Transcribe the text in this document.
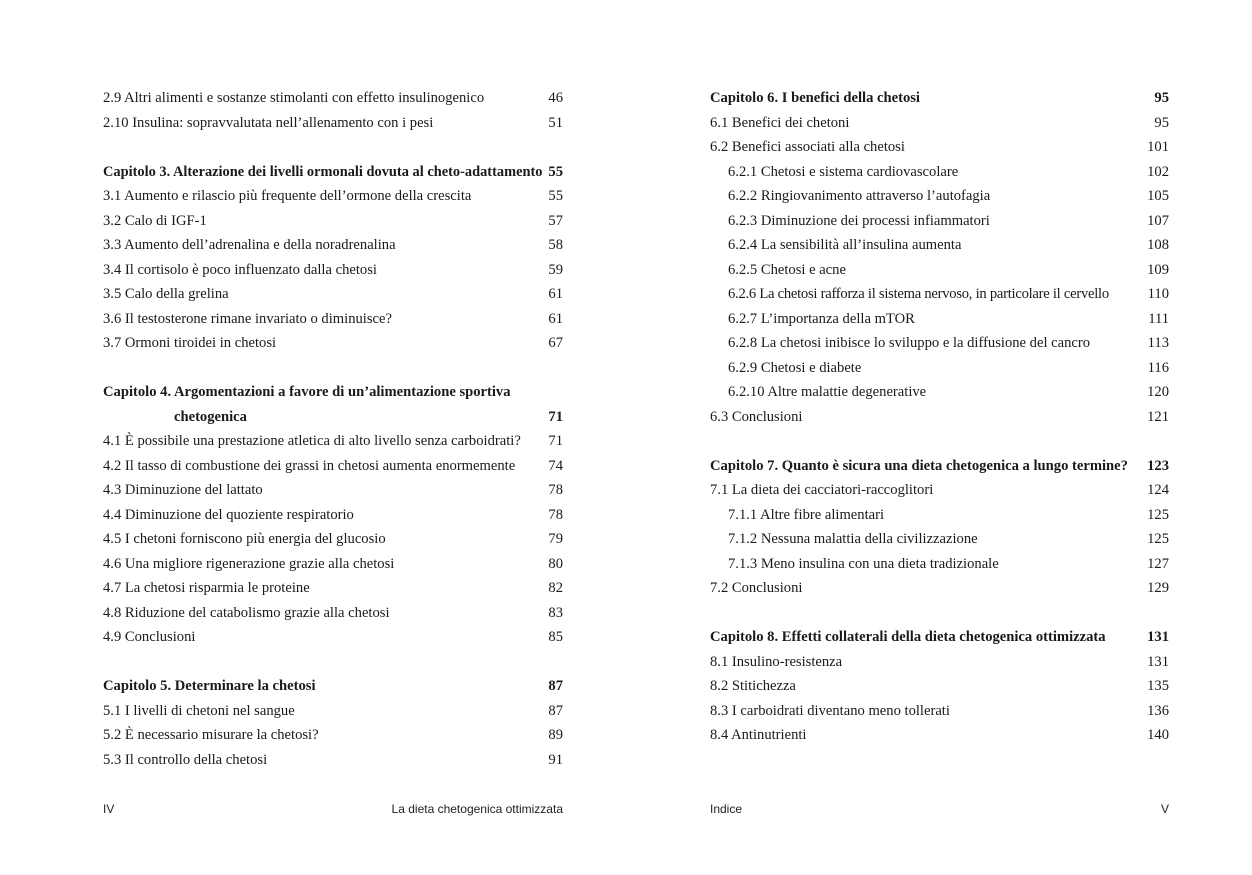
2.9 Altri alimenti e sostanze stimolanti con effetto insulinogenico	46
2.10 Insulina: sopravvalutata nell’allenamento con i pesi	51
Capitolo 3. Alterazione dei livelli ormonali dovuta al cheto-adattamento 55
3.1 Aumento e rilascio più frequente dell’ormone della crescita	55
3.2 Calo di IGF-1	57
3.3 Aumento dell’adrenalina e della noradrenalina	58
3.4 Il cortisolo è poco influenzato dalla chetosi	59
3.5 Calo della grelina	61
3.6 Il testosterone rimane invariato o diminuisce?	61
3.7 Ormoni tiroidei in chetosi	67
Capitolo 4. Argomentazioni a favore di un’alimentazione sportiva
chetogenica	71
4.1 È possibile una prestazione atletica di alto livello senza carboidrati? 71
4.2 Il tasso di combustione dei grassi in chetosi aumenta enormemente 74
4.3 Diminuzione del lattato	78
4.4 Diminuzione del quoziente respiratorio	78
4.5 I chetoni forniscono più energia del glucosio	79
4.6 Una migliore rigenerazione grazie alla chetosi	80
4.7 La chetosi risparmia le proteine	82
4.8 Riduzione del catabolismo grazie alla chetosi	83
4.9 Conclusioni	85
Capitolo 5. Determinare la chetosi	87
5.1 I livelli di chetoni nel sangue	87
5.2 È necessario misurare la chetosi?	89
5.3 Il controllo della chetosi	91
IV	La dieta chetogenica ottimizzata
Capitolo 6. I benefici della chetosi	95
6.1 Benefici dei chetoni	95
6.2 Benefici associati alla chetosi	101
6.2.1 Chetosi e sistema cardiovascolare	102
6.2.2 Ringiovanimento attraverso l’autofagia	105
6.2.3 Diminuzione dei processi infiammatori	107
6.2.4 La sensibilità all’insulina aumenta	108
6.2.5 Chetosi e acne	109
6.2.6 La chetosi rafforza il sistema nervoso, in particolare il cervello	110
6.2.7 L’importanza della mTOR	111
6.2.8 La chetosi inibisce lo sviluppo e la diffusione del cancro	113
6.2.9 Chetosi e diabete	116
6.2.10 Altre malattie degenerative	120
6.3 Conclusioni	121
Capitolo 7. Quanto è sicura una dieta chetogenica a lungo termine? 123
7.1 La dieta dei cacciatori-raccoglitori	124
7.1.1 Altre fibre alimentari	125
7.1.2 Nessuna malattia della civilizzazione	125
7.1.3 Meno insulina con una dieta tradizionale	127
7.2 Conclusioni	129
Capitolo 8. Effetti collaterali della dieta chetogenica ottimizzata	131
8.1 Insulino-resistenza	131
8.2 Stitichezza	135
8.3 I carboidrati diventano meno tollerati	136
8.4 Antinutrienti	140
Indice	V
